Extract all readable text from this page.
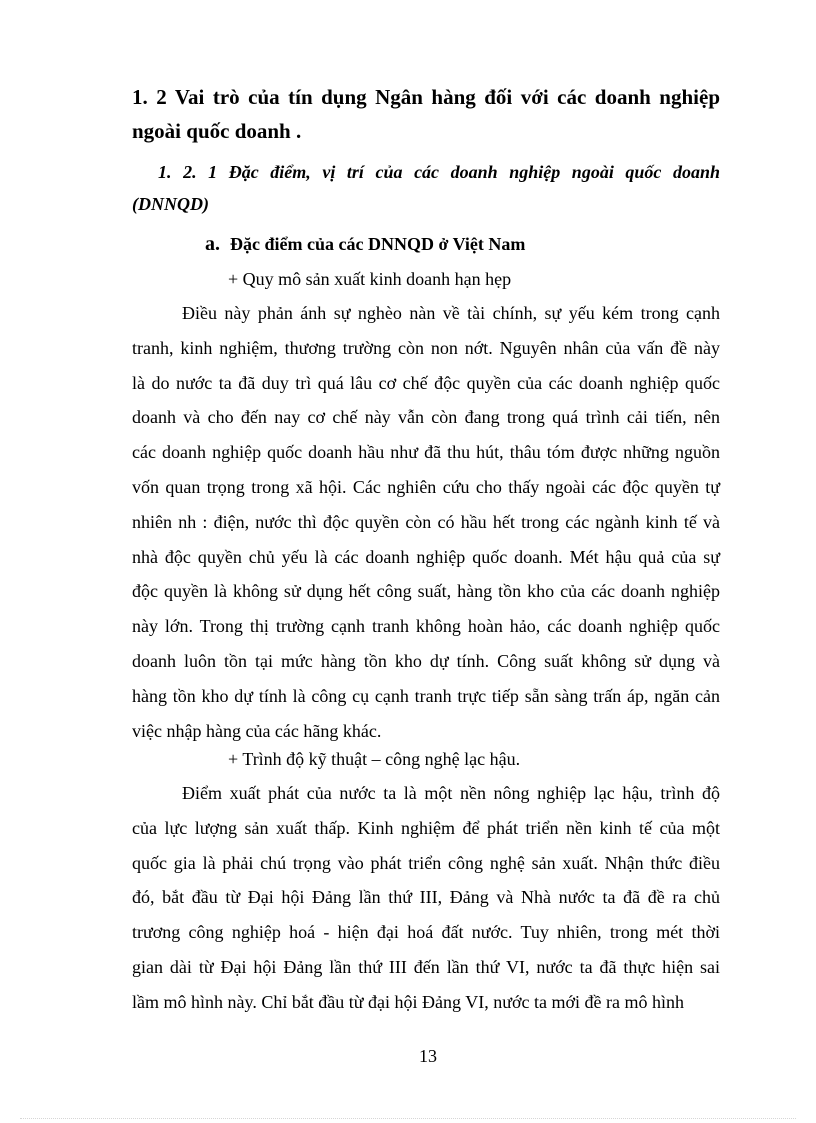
1. 2 Vai trò của tín dụng Ngân hàng đối với các doanh nghiệp
ngoài quốc doanh .
1. 2. 1 Đặc điểm, vị trí của các doanh nghiệp ngoài quốc doanh
(DNNQD)
a. Đặc điểm của các DNNQD ở Việt Nam
+ Quy mô sản xuất kinh doanh hạn hẹp
Điều này phản ánh sự nghèo nàn về tài chính, sự yếu kém trong cạnh
tranh, kinh nghiệm, thương trường còn non nớt. Nguyên nhân của vấn đề này
là do nước ta đã duy trì quá lâu cơ chế độc quyền của các doanh nghiệp quốc
doanh và cho đến nay cơ chế này vẫn còn đang trong quá trình cải tiến, nên
các doanh nghiệp quốc doanh hầu như đã thu hút, thâu tóm được những nguồn
vốn quan trọng trong xã hội. Các nghiên cứu cho thấy ngoài các độc quyền tự
nhiên nh : điện, nước thì độc quyền còn có hầu hết trong các ngành kinh tế và
nhà độc quyền chủ yếu là các doanh nghiệp quốc doanh. Mét hậu quả của sự
độc quyền là không sử dụng hết công suất, hàng tồn kho của các doanh nghiệp
này lớn. Trong thị trường cạnh tranh không hoàn hảo, các doanh nghiệp quốc
doanh luôn tồn tại mức hàng tồn kho dự tính. Công suất không sử dụng và
hàng tồn kho dự tính là công cụ cạnh tranh trực tiếp sẵn sàng trấn áp, ngăn cản
việc nhập hàng của các hãng khác.
+ Trình độ kỹ thuật – công nghệ lạc hậu.
Điểm xuất phát của nước ta là một nền nông nghiệp lạc hậu, trình độ
của lực lượng sản xuất thấp. Kinh nghiệm để phát triển nền kinh tế của một
quốc gia là phải chú trọng vào phát triển công nghệ sản xuất. Nhận thức điều
đó, bắt đầu từ Đại hội Đảng lần thứ III, Đảng và Nhà nước ta đã đề ra chủ
trương công nghiệp hoá - hiện đại hoá đất nước. Tuy nhiên, trong mét thời
gian dài từ Đại hội Đảng lần thứ III đến lần thứ VI, nước ta đã thực hiện sai
lầm mô hình này. Chỉ bắt đầu từ đại hội Đảng VI, nước ta mới đề ra mô hình
13
